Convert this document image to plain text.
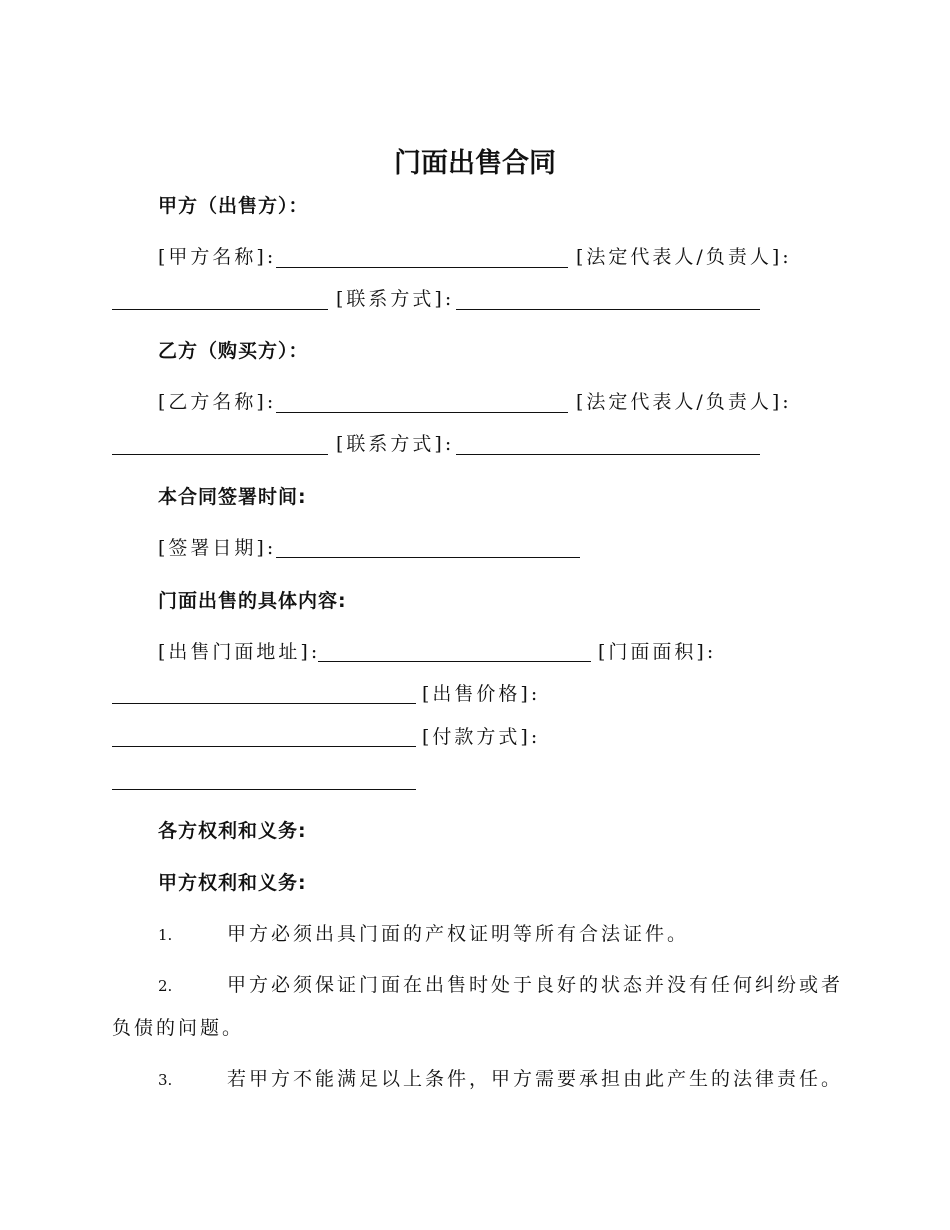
门面出售合同
甲方（出售方）：
[甲方名称]:	[法定代表人/负责人]:
[联系方式]:
乙方（购买方）：
[乙方名称]:	[法定代表人/负责人]:
[联系方式]:
本合同签署时间:
[签署日期]:
门面出售的具体内容:
[出售门面地址]:	[门面面积]:
[出售价格]:
[付款方式]:
各方权利和义务:
甲方权利和义务:
1.	甲方必须出具门面的产权证明等所有合法证件。
2.	甲方必须保证门面在出售时处于良好的状态并没有任何纠纷或者
负债的问题。
3.	若甲方不能满足以上条件，甲方需要承担由此产生的法律责任。
